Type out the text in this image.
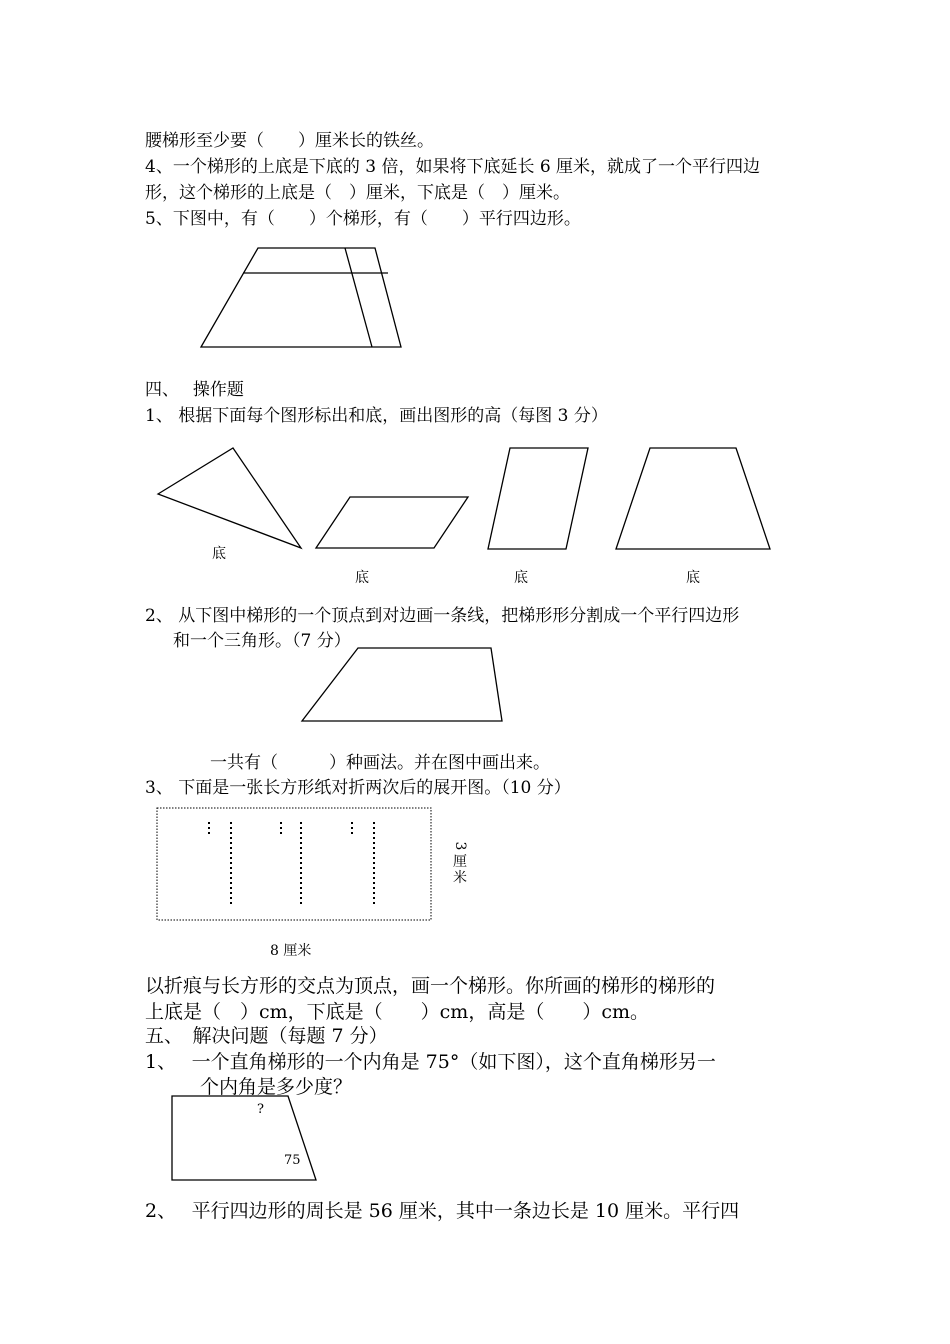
腰梯形至少要（　　）厘米长的铁丝。
4、一个梯形的上底是下底的 3 倍，如果将下底延长 6 厘米，就成了一个平行四边
形，这个梯形的上底是（　）厘米，下底是（　）厘米。
5、下图中，有（　　）个梯形，有（　　）平行四边形。
四、　 操作题
1、 根据下面每个图形标出和底，画出图形的高（每图 3 分）
底
底	底	底
2、 从下图中梯形的一个顶点到对边画一条线，把梯形形分割成一个平行四边形
和一个三角形。（7 分）
一共有（　　　）种画法。并在图中画出来。
3、 下面是一张长方形纸对折两次后的展开图。（10 分）
3
厘
米
8 厘米
以折痕与长方形的交点为顶点，画一个梯形。你所画的梯形的梯形的
上底是（　）cm，下底是（　　）cm，高是（　　）cm。
五、　解决问题（每题 7 分）
1、　 一个直角梯形的一个内角是 75°（如下图），这个直角梯形另一
个内角是多少度？
?
75
2、　 平行四边形的周长是 56 厘米，其中一条边长是 10 厘米。平行四
